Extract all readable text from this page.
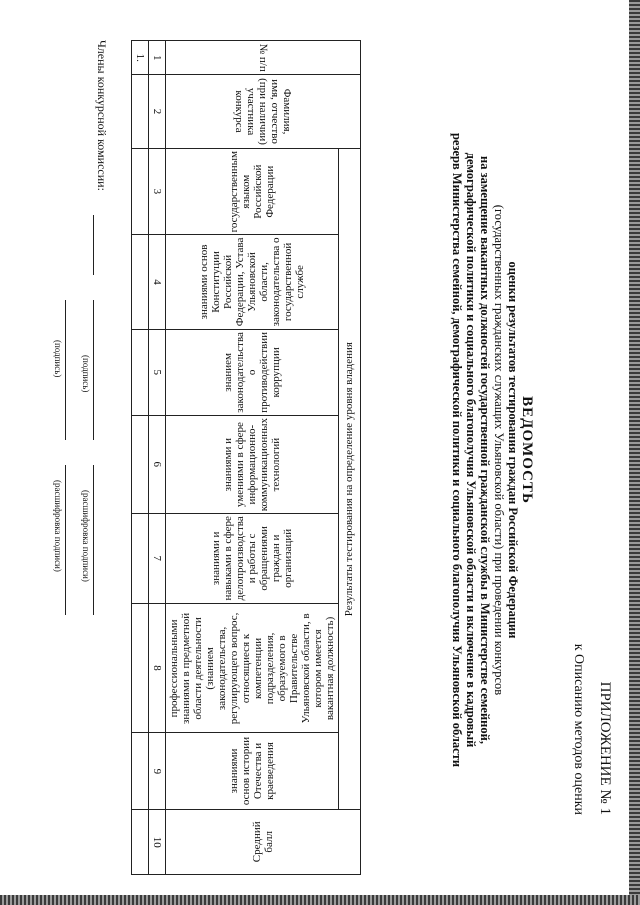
ПРИЛОЖЕНИЕ № 1
к Описанию методов оценки
ВЕДОМОСТЬ
оценки результатов тестирования граждан Российской Федерации
(государственных гражданских служащих Ульяновской области) при проведении конкурсов
на замещение вакантных должностей государственной гражданской службы в Министерстве семейной,
демографической политики и социального благополучия Ульяновской области и включение в кадровый
резерв Министерства семейной, демографической политики и социального благополучия Ульяновской области
№ п/п	Фамилия, имя, отчество (при наличии) участника конкурса	Результаты тестирования на определение уровня владения							Средний балл
		государственным языком Российской Федерации	знаниями основ Конституции Российской Федерации, Устава Ульяновской области, законодательства о государственной службе	знанием законодательства о противодействии коррупции	знаниями и умениями в сфере информационно-коммуникационных технологий	знаниями и навыками в сфере делопроизводства и работы с обращениями граждан и организаций	профессиональными знаниями в предметной области деятельности (знанием законодательства, регулирующего вопрос, относящиеся к компетенции подразделения, образуемого в Правительстве Ульяновской области, в котором имеется вакантная должность)	знаниями основ истории Отечества и краеведения	
1	2	3	4	5	6	7	8	9	10
1.									
Члены конкурсной комиссии:
(подпись)
(расшифровка подписи)
(подпись)
(расшифровка подписи)
